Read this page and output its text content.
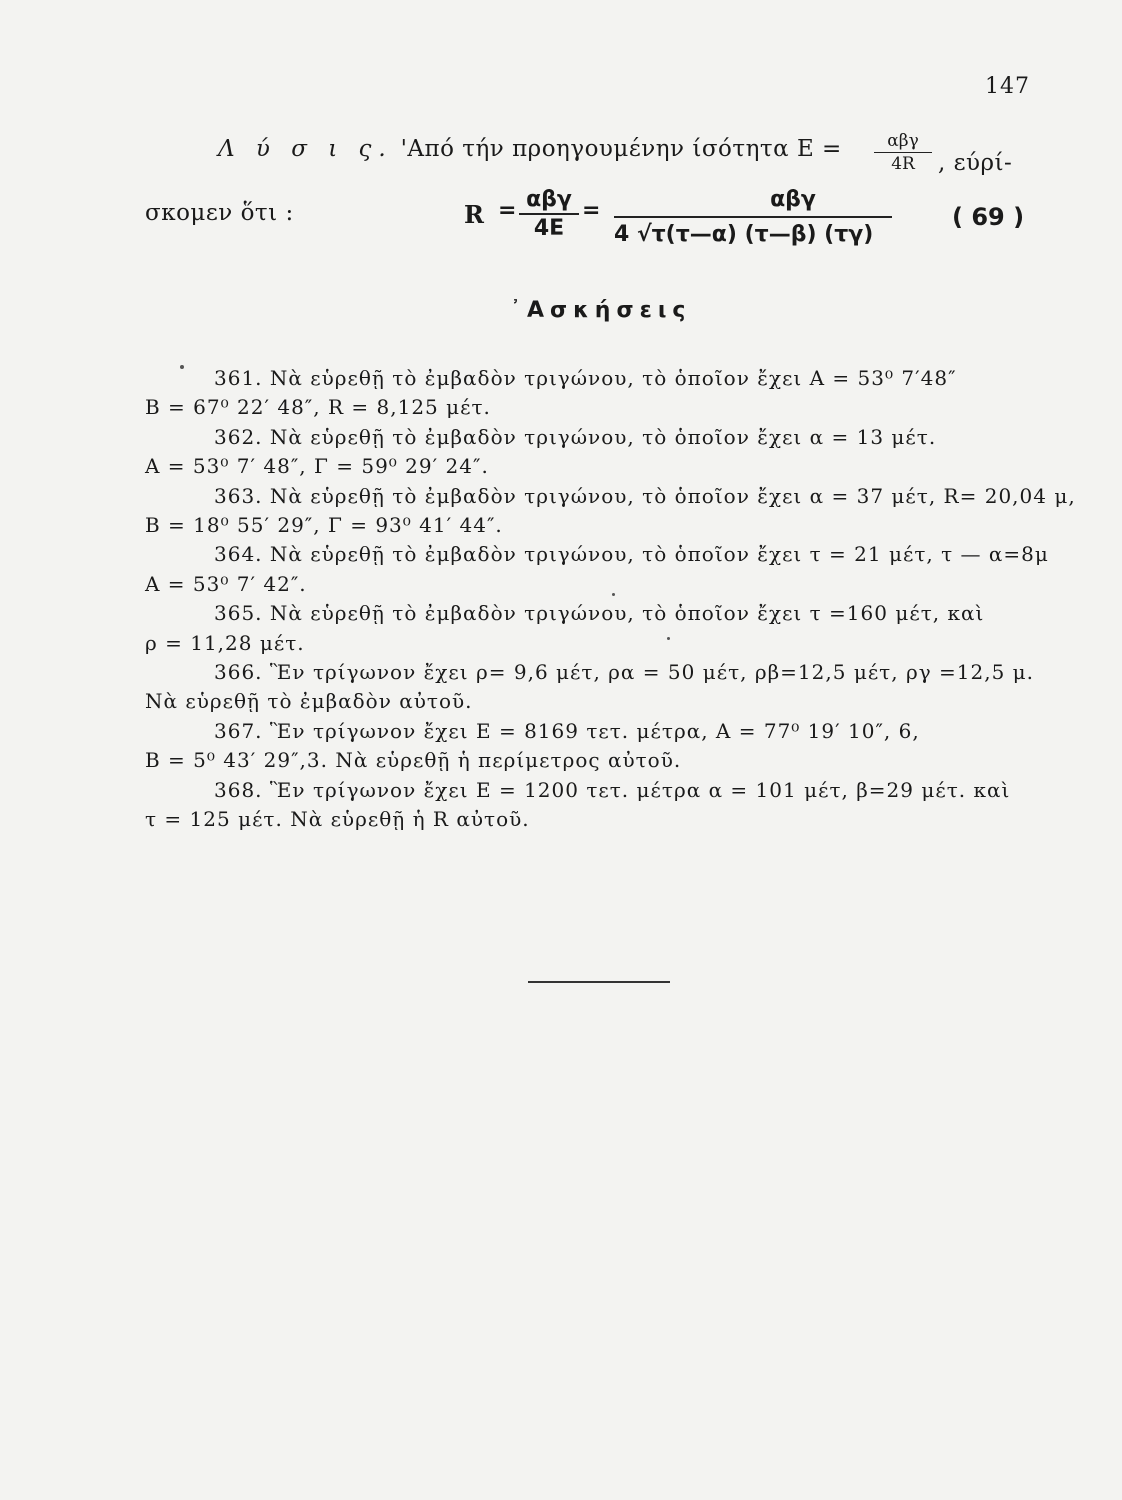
147
Λ ύ σ ι ς. 'Από τήν προηγουμένην ίσότητα Ε =	αβγ
4R	, εύρί-
σκομεν ὅτι :	R = αβγ
4Ε
=	αβγ
4 √τ(τ—α) (τ—β) (τγ)
( 69 )
᾽Ασκήσεις
361. Νὰ εὑρεθῇ τὸ ἐμβαδὸν τριγώνου, τὸ ὁποῖον ἔχει Α = 53⁰ 7′48″
Β = 67⁰ 22′ 48″, R = 8,125 μέτ.
362. Νὰ εὑρεθῇ τὸ ἐμβαδὸν τριγώνου, τὸ ὁποῖον ἔχει α = 13 μέτ.
Α = 53⁰ 7′ 48″, Γ = 59⁰ 29′ 24″.
363. Νὰ εὑρεθῇ τὸ ἐμβαδὸν τριγώνου, τὸ ὁποῖον ἔχει α = 37 μέτ, R= 20,04 μ,
Β = 18⁰ 55′ 29″, Γ = 93⁰ 41′ 44″.
364. Νὰ εὑρεθῇ τὸ ἐμβαδὸν τριγώνου, τὸ ὁποῖον ἔχει τ = 21 μέτ, τ — α=8μ
Α = 53⁰ 7′ 42″.
365. Νὰ εὑρεθῇ τὸ ἐμβαδὸν τριγώνου, τὸ ὁποῖον ἔχει τ =160 μέτ, καὶ
ρ = 11,28 μέτ.
366. Ἓν τρίγωνον ἔχει ρ= 9,6 μέτ, ρα = 50 μέτ, ρβ=12,5 μέτ, ργ =12,5 μ.
Νὰ εὑρεθῇ τὸ ἐμβαδὸν αὐτοῦ.
367. Ἓν τρίγωνον ἔχει Ε = 8169 τετ. μέτρα, Α = 77⁰ 19′ 10″, 6,
Β = 5⁰ 43′ 29″,3. Νὰ εὑρεθῇ ἡ περίμετρος αὐτοῦ.
368. Ἓν τρίγωνον ἔχει Ε = 1200 τετ. μέτρα α = 101 μέτ, β=29 μέτ. καὶ
τ = 125 μέτ. Νὰ εὑρεθῇ ἡ R αὐτοῦ.
